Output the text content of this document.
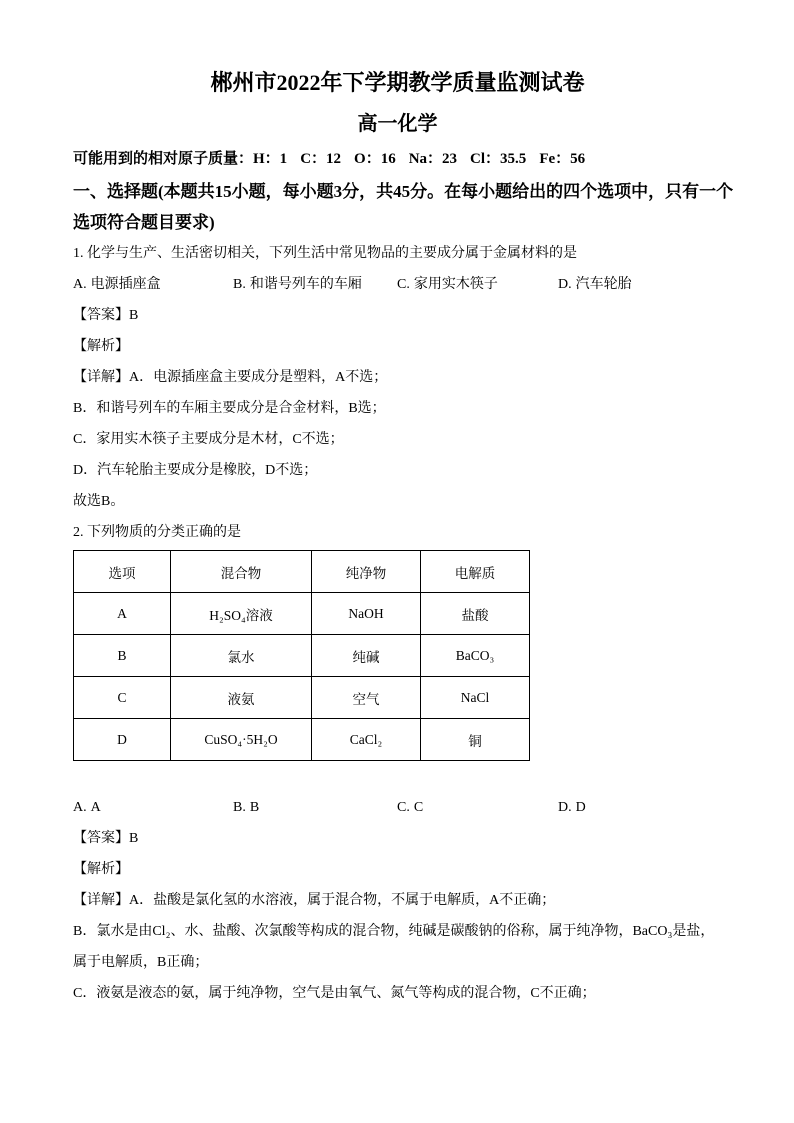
郴州市2022年下学期教学质量监测试卷
高一化学
可能用到的相对原子质量：H：1 C：12 O：16 Na：23 Cl：35.5 Fe：56
一、选择题(本题共15小题，每小题3分，共45分。在每小题给出的四个选项中，只有一个
选项符合题目要求)
1. 化学与生产、生活密切相关，下列生活中常见物品的主要成分属于金属材料的是
A. 电源插座盒	B. 和谐号列车的车厢	C. 家用实木筷子	D. 汽车轮胎
【答案】B
【解析】
【详解】A．电源插座盒主要成分是塑料，A不选；
B．和谐号列车的车厢主要成分是合金材料，B选；
C．家用实木筷子主要成分是木材，C不选；
D．汽车轮胎主要成分是橡胶，D不选；
故选B。
2. 下列物质的分类正确的是
选项	混合物	纯净物	电解质
A	H₂SO₄溶液	NaOH	盐酸
B	氯水	纯碱	BaCO₃
C	液氨	空气	NaCl
D	CuSO₄·5H₂O	CaCl₂	铜
A. A	B. B	C. C	D. D
【答案】B
【解析】
【详解】A．盐酸是氯化氢的水溶液，属于混合物，不属于电解质，A不正确；
B．氯水是由Cl₂、水、盐酸、次氯酸等构成的混合物，纯碱是碳酸钠的俗称，属于纯净物，BaCO₃是盐，
属于电解质，B正确；
C．液氨是液态的氨，属于纯净物，空气是由氧气、氮气等构成的混合物，C不正确；
